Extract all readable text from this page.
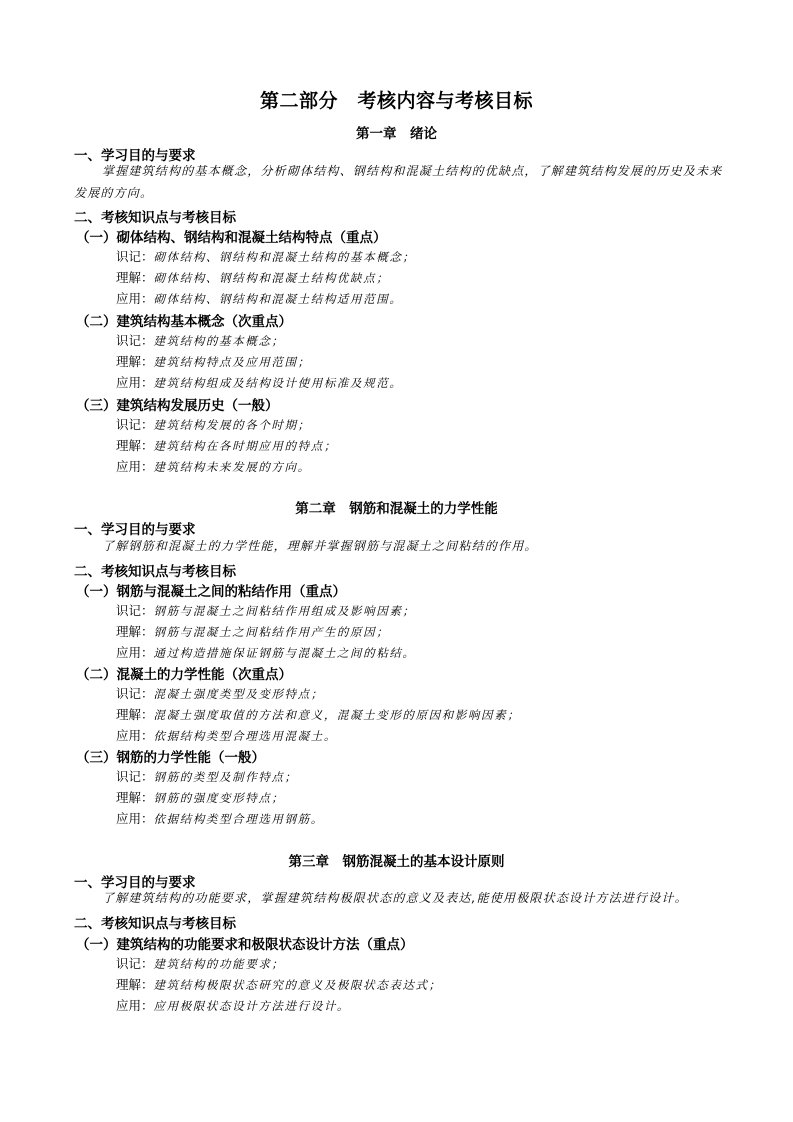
第二部分　考核内容与考核目标
第一章　绪论
一、学习目的与要求
掌握建筑结构的基本概念，分析砌体结构、钢结构和混凝土结构的优缺点，了解建筑结构发展的历史及未来发展的方向。
二、考核知识点与考核目标
（一）砌体结构、钢结构和混凝土结构特点（重点）
识记：砌体结构、钢结构和混凝土结构的基本概念；
理解：砌体结构、钢结构和混凝土结构优缺点；
应用：砌体结构、钢结构和混凝土结构适用范围。
（二）建筑结构基本概念（次重点）
识记：建筑结构的基本概念；
理解：建筑结构特点及应用范围；
应用：建筑结构组成及结构设计使用标准及规范。
（三）建筑结构发展历史（一般）
识记：建筑结构发展的各个时期；
理解：建筑结构在各时期应用的特点；
应用：建筑结构未来发展的方向。
第二章　钢筋和混凝土的力学性能
一、学习目的与要求
了解钢筋和混凝土的力学性能，理解并掌握钢筋与混凝土之间粘结的作用。
二、考核知识点与考核目标
（一）钢筋与混凝土之间的粘结作用（重点）
识记：钢筋与混凝土之间粘结作用组成及影响因素；
理解：钢筋与混凝土之间粘结作用产生的原因；
应用：通过构造措施保证钢筋与混凝土之间的粘结。
（二）混凝土的力学性能（次重点）
识记：混凝土强度类型及变形特点；
理解：混凝土强度取值的方法和意义，混凝土变形的原因和影响因素；
应用：依据结构类型合理选用混凝土。
（三）钢筋的力学性能（一般）
识记：钢筋的类型及制作特点；
理解：钢筋的强度变形特点；
应用：依据结构类型合理选用钢筋。
第三章　钢筋混凝土的基本设计原则
一、学习目的与要求
了解建筑结构的功能要求，掌握建筑结构极限状态的意义及表达,能使用极限状态设计方法进行设计。
二、考核知识点与考核目标
（一）建筑结构的功能要求和极限状态设计方法（重点）
识记：建筑结构的功能要求；
理解：建筑结构极限状态研究的意义及极限状态表达式；
应用：应用极限状态设计方法进行设计。
